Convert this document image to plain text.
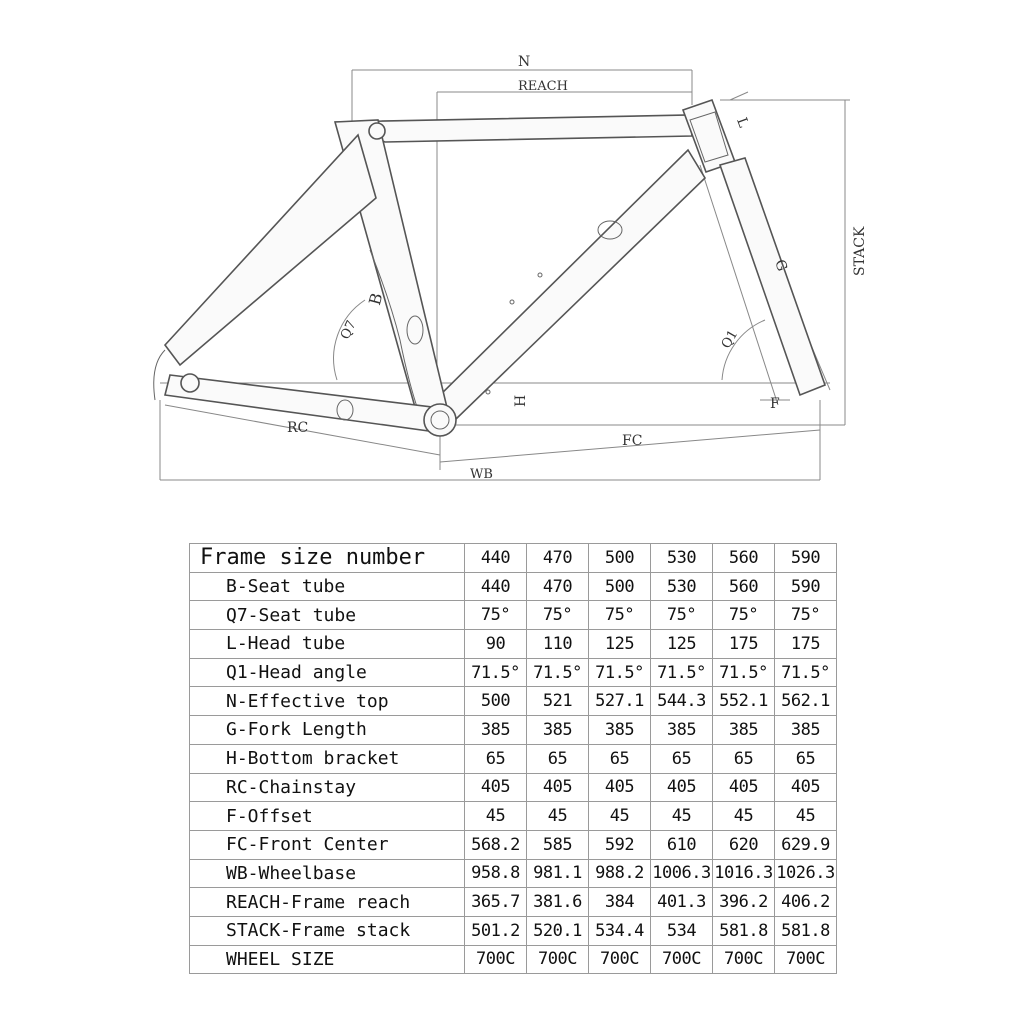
N
REACH
L
STACK
G
Q1
Q7
B
H	F
RC
FC
WB
Frame size number	440	470	500	530	560	590
B-Seat tube	440	470	500	530	560	590
Q7-Seat tube	75°	75°	75°	75°	75°	75°
L-Head tube	90	110	125	125	175	175
Q1-Head angle	71.5°	71.5°	71.5°	71.5°	71.5°	71.5°
N-Effective top	500	521	527.1	544.3	552.1	562.1
G-Fork Length	385	385	385	385	385	385
H-Bottom bracket	65	65	65	65	65	65
RC-Chainstay	405	405	405	405	405	405
F-Offset	45	45	45	45	45	45
FC-Front Center	568.2	585	592	610	620	629.9
WB-Wheelbase	958.8	981.1	988.2	1006.3	1016.3	1026.3
REACH-Frame reach	365.7	381.6	384	401.3	396.2	406.2
STACK-Frame stack	501.2	520.1	534.4	534	581.8	581.8
WHEEL SIZE	700C	700C	700C	700C	700C	700C
